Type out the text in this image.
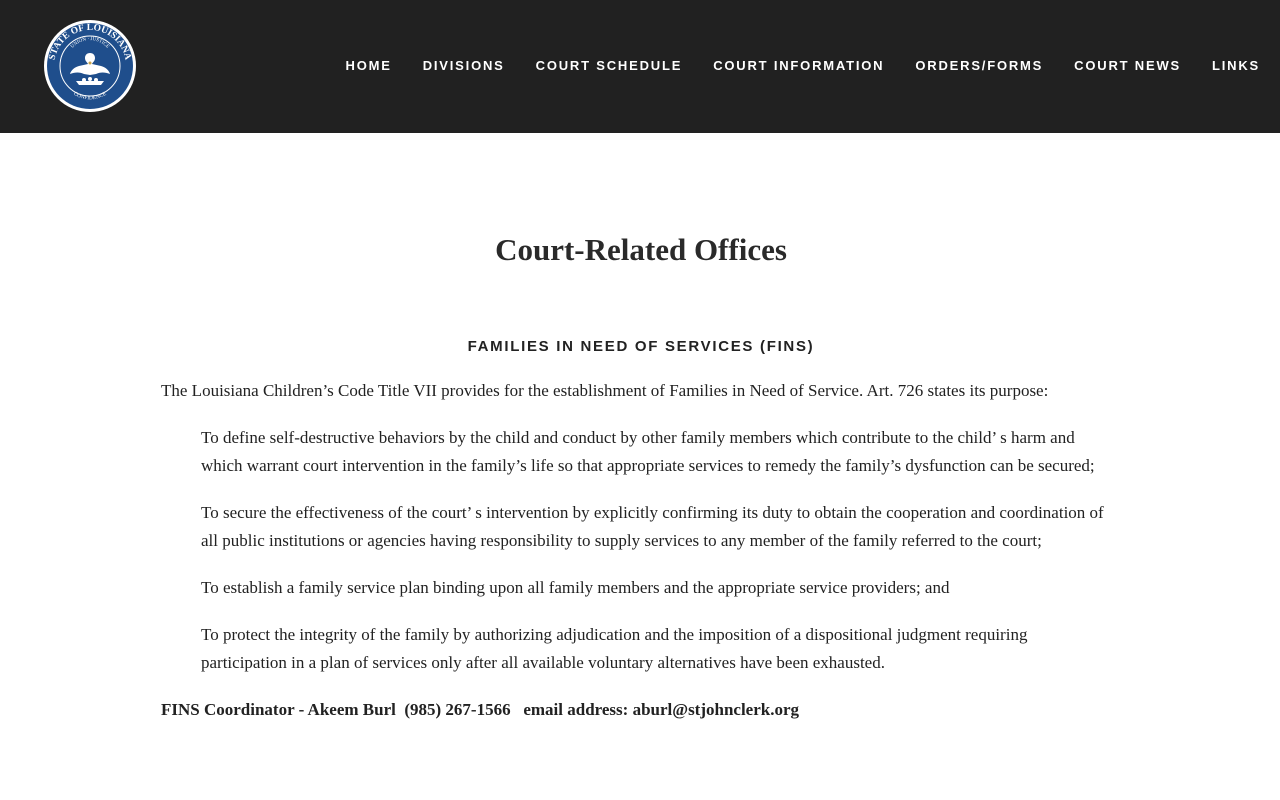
STATE OF LOUISIANA
UNION · JUSTICE
CONFIDENCE
HOME DIVISIONS COURT SCHEDULE COURT INFORMATION ORDERS/FORMS COURT NEWS LINKS
Court-Related Offices
FAMILIES IN NEED OF SERVICES (FINS)

The Louisiana Children’s Code Title VII provides for the establishment of Families in Need of Service. Art. 726 states its purpose:

To define self-destructive behaviors by the child and conduct by other family members which contribute to the child’ s harm and which warrant court intervention in the family’s life so that appropriate services to remedy the family’s dysfunction can be secured;

To secure the effectiveness of the court’ s intervention by explicitly confirming its duty to obtain the cooperation and coordination of all public institutions or agencies having responsibility to supply services to any member of the family referred to the court;

To establish a family service plan binding upon all family members and the appropriate service providers; and

To protect the integrity of the family by authorizing adjudication and the imposition of a dispositional judgment requiring participation in a plan of services only after all available voluntary alternatives have been exhausted.

FINS Coordinator - Akeem Burl  (985) 267-1566   email address: aburl@stjohnclerk.org
